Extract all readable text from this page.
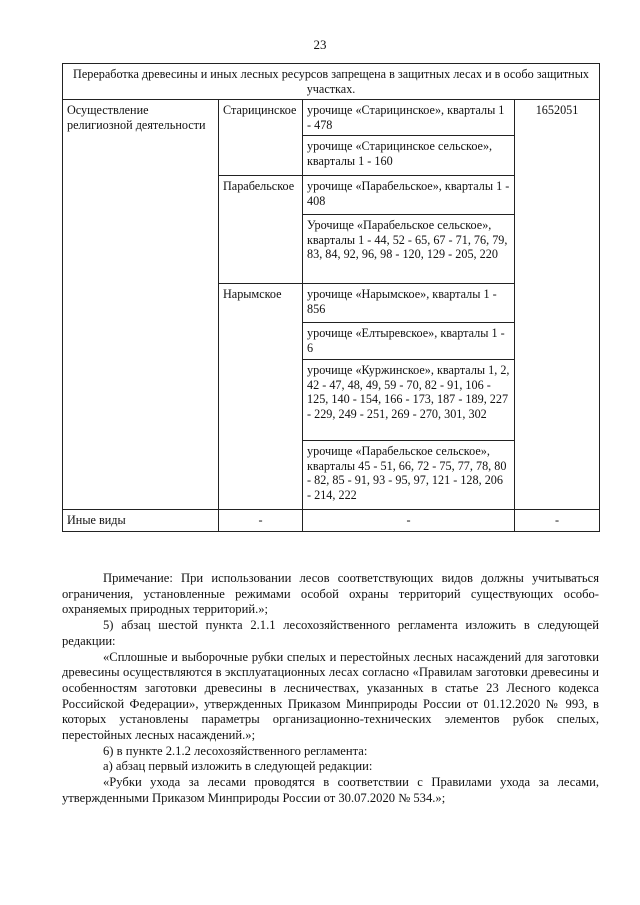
23
Переработка древесины и иных лесных ресурсов запрещена в защитных лесах и в особо защитных участках.			
Осуществление религиозной деятельности	Старицинское	урочище «Старицинское», кварталы 1 - 478	1652051
		урочище «Старицинское сельское», кварталы 1 - 160	
	Парабельское	урочище «Парабельское», кварталы 1 - 408	
		Урочище «Парабельское сельское», кварталы 1 - 44, 52 - 65, 67 - 71, 76, 79, 83, 84, 92, 96, 98 - 120, 129 - 205, 220	
	Нарымское	урочище «Нарымское», кварталы 1 - 856	
		урочище «Елтыревское», кварталы 1 - 6	
		урочище «Куржинское», кварталы 1, 2, 42 - 47, 48, 49, 59 - 70, 82 - 91, 106 - 125, 140 - 154, 166 - 173, 187 - 189, 227 - 229, 249 - 251, 269 - 270, 301, 302	
		урочище «Парабельское сельское», кварталы 45 - 51, 66, 72 - 75, 77, 78, 80 - 82, 85 - 91, 93 - 95, 97, 121 - 128, 206 - 214, 222	
Иные виды	-	-	-

Примечание: При использовании лесов соответствующих видов должны учитываться ограничения, установленные режимами особой охраны территорий существующих особо-охраняемых природных территорий.»;

5) абзац шестой пункта 2.1.1 лесохозяйственного регламента изложить в следующей редакции:

«Сплошные и выборочные рубки спелых и перестойных лесных насаждений для заготовки древесины осуществляются в эксплуатационных лесах согласно «Правилам заготовки древесины и особенностям заготовки древесины в лесничествах, указанных в статье 23 Лесного кодекса Российской Федерации», утвержденных Приказом Минприроды России от 01.12.2020 № 993, в которых установлены параметры организационно-технических элементов рубок спелых, перестойных лесных насаждений.»;

6) в пункте 2.1.2 лесохозяйственного регламента:

а) абзац первый изложить в следующей редакции:

«Рубки ухода за лесами проводятся в соответствии с Правилами ухода за лесами, утвержденными Приказом Минприроды России от 30.07.2020 № 534.»;
